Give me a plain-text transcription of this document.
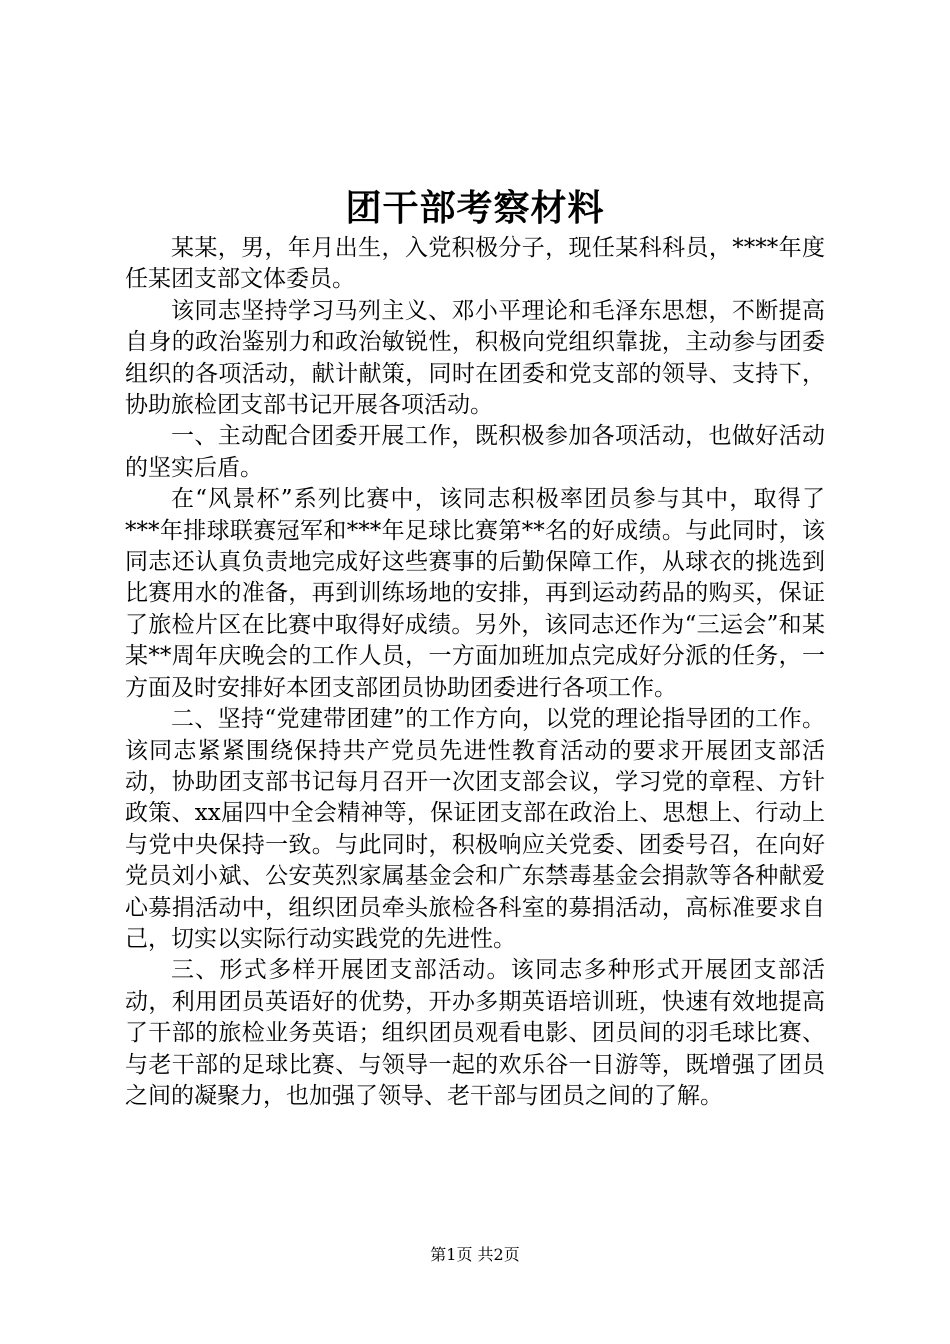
团干部考察材料

某某，男，年月出生，入党积极分子，现任某科科员，****年度任某团支部文体委员。

该同志坚持学习马列主义、邓小平理论和毛泽东思想，不断提高自身的政治鉴别力和政治敏锐性，积极向党组织靠拢，主动参与团委组织的各项活动，献计献策，同时在团委和党支部的领导、支持下，协助旅检团支部书记开展各项活动。

一、主动配合团委开展工作，既积极参加各项活动，也做好活动的坚实后盾。

在“风景杯”系列比赛中，该同志积极率团员参与其中，取得了***年排球联赛冠军和***年足球比赛第**名的好成绩。与此同时，该同志还认真负责地完成好这些赛事的后勤保障工作，从球衣的挑选到比赛用水的准备，再到训练场地的安排，再到运动药品的购买，保证了旅检片区在比赛中取得好成绩。另外，该同志还作为“三运会”和某某**周年庆晚会的工作人员，一方面加班加点完成好分派的任务，一方面及时安排好本团支部团员协助团委进行各项工作。

二、坚持“党建带团建”的工作方向，以党的理论指导团的工作。该同志紧紧围绕保持共产党员先进性教育活动的要求开展团支部活动，协助团支部书记每月召开一次团支部会议，学习党的章程、方针政策、xx届四中全会精神等，保证团支部在政治上、思想上、行动上与党中央保持一致。与此同时，积极响应关党委、团委号召，在向好党员刘小斌、公安英烈家属基金会和广东禁毒基金会捐款等各种献爱心募捐活动中，组织团员牵头旅检各科室的募捐活动，高标准要求自己，切实以实际行动实践党的先进性。

三、形式多样开展团支部活动。该同志多种形式开展团支部活动，利用团员英语好的优势，开办多期英语培训班，快速有效地提高了干部的旅检业务英语；组织团员观看电影、团员间的羽毛球比赛、与老干部的足球比赛、与领导一起的欢乐谷一日游等，既增强了团员之间的凝聚力，也加强了领导、老干部与团员之间的了解。

第1页 共2页
